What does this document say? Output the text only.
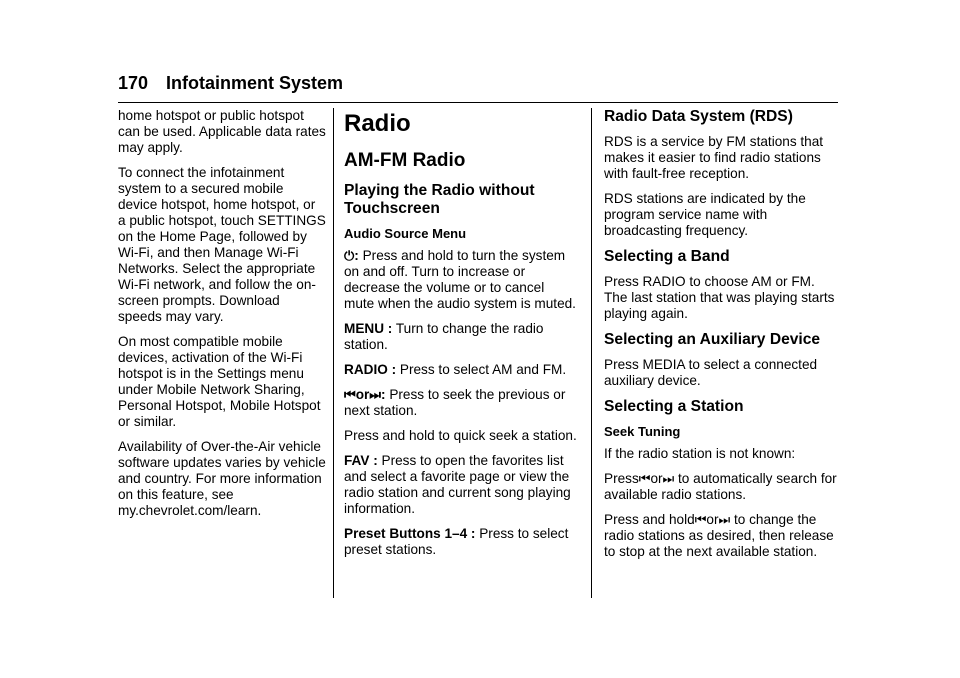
170 Infotainment System

home hotspot or public hotspot can be used. Applicable data rates may apply.

To connect the infotainment system to a secured mobile device hotspot, home hotspot, or a public hotspot, touch SETTINGS on the Home Page, followed by Wi-Fi, and then Manage Wi-Fi Networks. Select the appropriate Wi-Fi network, and follow the on-screen prompts. Download speeds may vary.

On most compatible mobile devices, activation of the Wi-Fi hotspot is in the Settings menu under Mobile Network Sharing, Personal Hotspot, Mobile Hotspot or similar.

Availability of Over-the-Air vehicle software updates varies by vehicle and country. For more information on this feature, see my.chevrolet.com/learn.

Radio
AM-FM Radio
Playing the Radio without Touchscreen
Audio Source Menu

⏻: Press and hold to turn the system on and off. Turn to increase or decrease the volume or to cancel mute when the audio system is muted.

MENU : Turn to change the radio station.

RADIO : Press to select AM and FM.

⏮or⏭: Press to seek the previous or next station.

Press and hold to quick seek a station.

FAV : Press to open the favorites list and select a favorite page or view the radio station and current song playing information.

Preset Buttons 1–4 : Press to select preset stations.

Radio Data System (RDS)

RDS is a service by FM stations that makes it easier to find radio stations with fault-free reception.

RDS stations are indicated by the program service name with broadcasting frequency.

Selecting a Band

Press RADIO to choose AM or FM. The last station that was playing starts playing again.

Selecting an Auxiliary Device

Press MEDIA to select a connected auxiliary device.

Selecting a Station
Seek Tuning

If the radio station is not known:

Press⏮or⏭ to automatically search for available radio stations.

Press and hold⏮or⏭ to change the radio stations as desired, then release to stop at the next available station.
